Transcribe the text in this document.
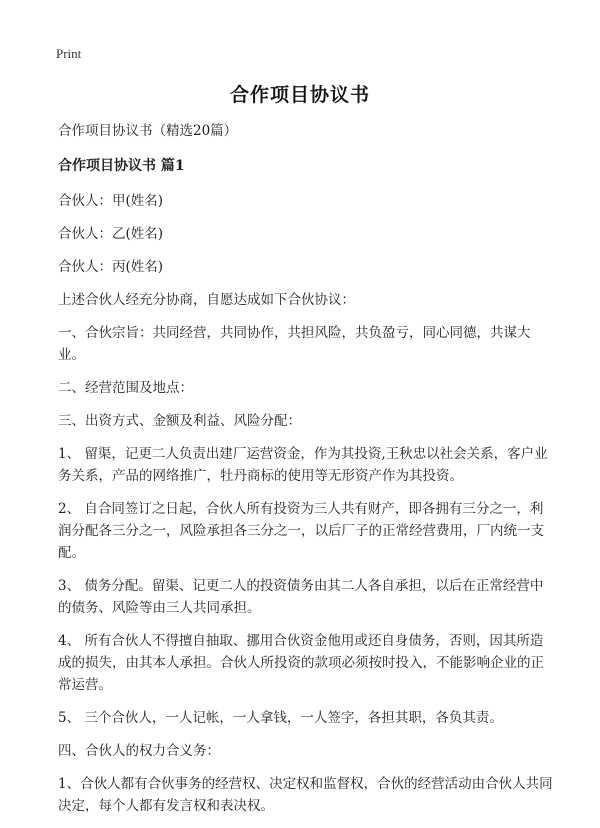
Print
合作项目协议书

合作项目协议书（精选20篇）

合作项目协议书 篇1

合伙人：甲(姓名)

合伙人：乙(姓名)

合伙人：丙(姓名)

上述合伙人经充分协商，自愿达成如下合伙协议：

一、合伙宗旨：共同经营，共同协作，共担风险，共负盈亏，同心同德，共谋大业。

二、经营范围及地点：

三、出资方式、金额及利益、风险分配：

1、 留渠，记更二人负责出建厂运营资金，作为其投资,王秋忠以社会关系，客户业务关系，产品的网络推广，牡丹商标的使用等无形资产作为其投资。

2、 自合同签订之日起，合伙人所有投资为三人共有财产，即各拥有三分之一，利润分配各三分之一，风险承担各三分之一，以后厂子的正常经营费用，厂内统一支配。

3、 债务分配。留渠、记更二人的投资债务由其二人各自承担，以后在正常经营中的债务、风险等由三人共同承担。

4、 所有合伙人不得擅自抽取、挪用合伙资金他用或还自身债务，否则，因其所造成的损失，由其本人承担。合伙人所投资的款项必须按时投入，不能影响企业的正常运营。

5、 三个合伙人，一人记帐，一人拿钱，一人签字，各担其职，各负其责。

四、合伙人的权力合义务：

1、合伙人都有合伙事务的经营权、决定权和监督权，合伙的经营活动由合伙人共同决定，每个人都有发言权和表决权。
